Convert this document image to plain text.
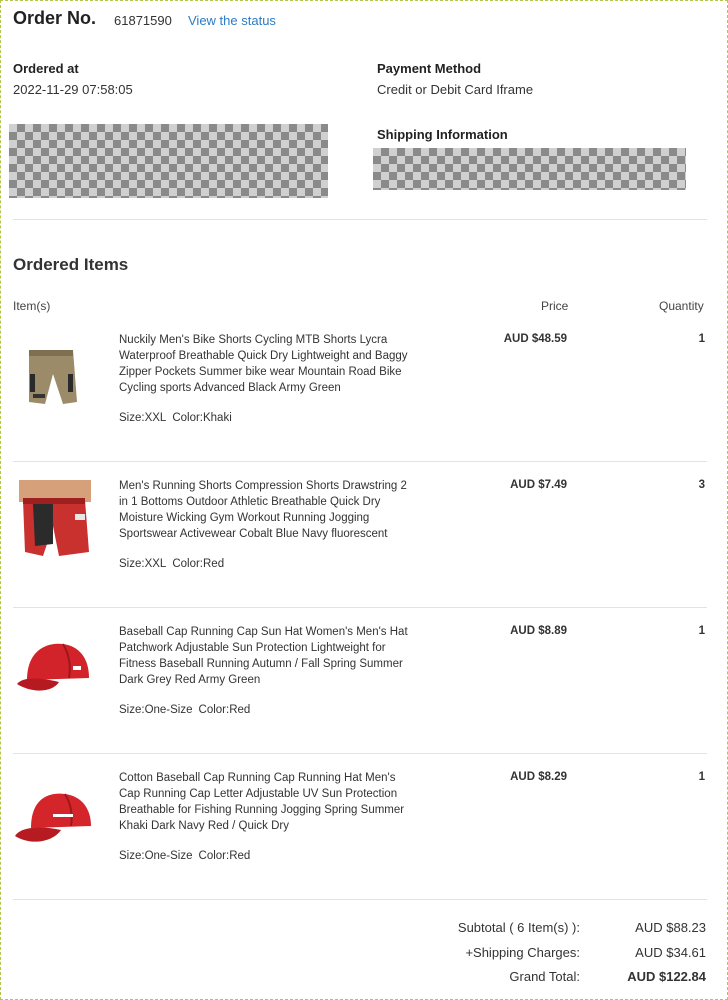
Order No. 61871590 View the status
Ordered at
2022-11-29 07:58:05
Payment Method
Credit or Debit Card Iframe
Shipping Information
Ordered Items
Item(s)	Price	Quantity
Nuckily Men's Bike Shorts Cycling MTB Shorts Lycra Waterproof Breathable Quick Dry Lightweight and Baggy Zipper Pockets Summer bike wear Mountain Road Bike Cycling sports Advanced Black Army Green
Size:XXL Color:Khaki
AUD $48.59	1
Men's Running Shorts Compression Shorts Drawstring 2 in 1 Bottoms Outdoor Athletic Breathable Quick Dry Moisture Wicking Gym Workout Running Jogging Sportswear Activewear Cobalt Blue Navy fluorescent
Size:XXL Color:Red
AUD $7.49	3
Baseball Cap Running Cap Sun Hat Women's Men's Hat Patchwork Adjustable Sun Protection Lightweight for Fitness Baseball Running Autumn / Fall Spring Summer Dark Grey Red Army Green
Size:One-Size Color:Red
AUD $8.89	1
Cotton Baseball Cap Running Cap Running Hat Men's Cap Running Cap Letter Adjustable UV Sun Protection Breathable for Fishing Running Jogging Spring Summer Khaki Dark Navy Red / Quick Dry
Size:One-Size Color:Red
AUD $8.29	1
Subtotal ( 6 Item(s) ):	AUD $88.23
+Shipping Charges:	AUD $34.61
Grand Total:	AUD $122.84
